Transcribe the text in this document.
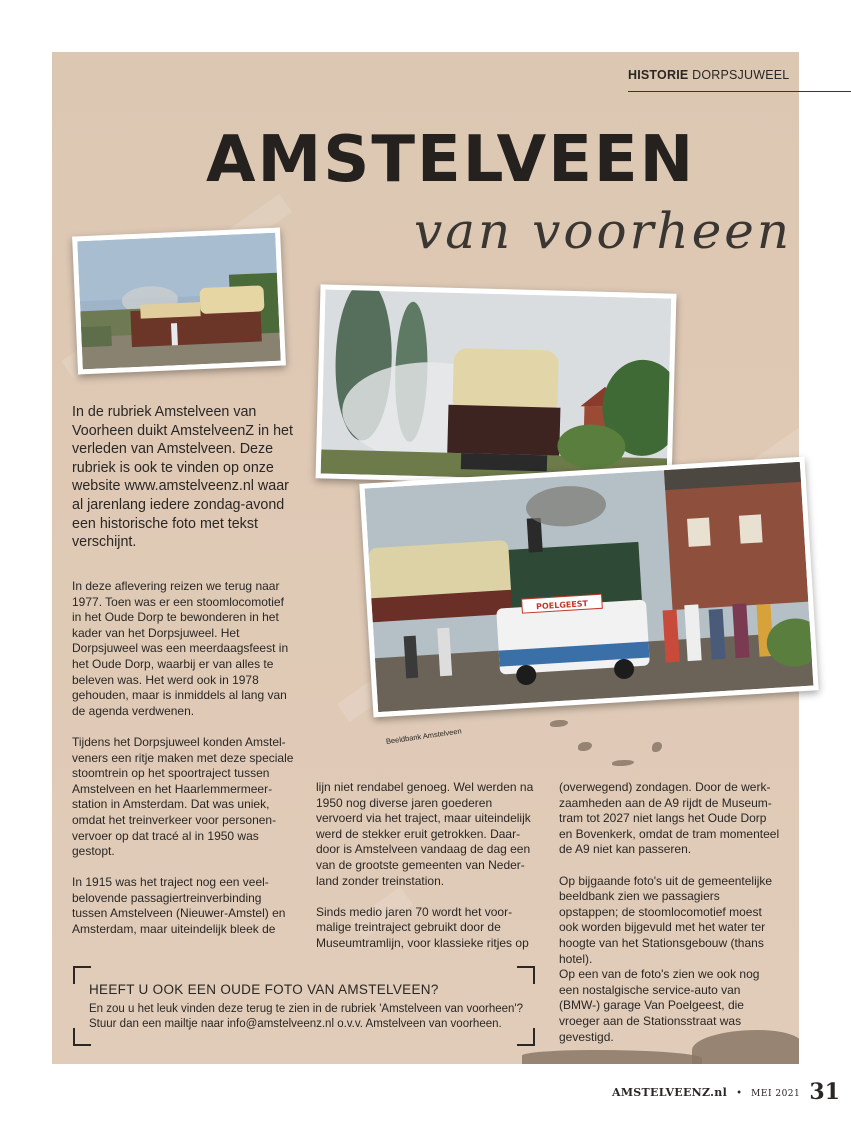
HISTORIE DORPSJUWEEL
AMSTELVEEN
van voorheen
POELGEEST
Beeldbank Amstelveen
In de rubriek Amstelveen van Voorheen duikt AmstelveenZ in het verleden van Amstelveen. Deze rubriek is ook te vinden op onze website www.amstelveenz.nl waar al jarenlang iedere zondag-avond een historische foto met tekst verschijnt.

In deze aflevering reizen we terug naar 1977. Toen was er een stoomlocomotief in het Oude Dorp te bewonderen in het kader van het Dorpsjuweel. Het Dorpsjuweel was een meerdaagsfeest in het Oude Dorp, waarbij er van alles te beleven was. Het werd ook in 1978 gehouden, maar is inmiddels al lang van de agenda verdwenen.

Tijdens het Dorpsjuweel konden Amstel-veners een ritje maken met deze speciale stoomtrein op het spoortraject tussen Amstelveen en het Haarlemmermeer-station in Amsterdam. Dat was uniek, omdat het treinverkeer voor personen-vervoer op dat tracé al in 1950 was gestopt.

In 1915 was het traject nog een veel-belovende passagiertreinverbinding tussen Amstelveen (Nieuwer-Amstel) en Amsterdam, maar uiteindelijk bleek de

lijn niet rendabel genoeg. Wel werden na 1950 nog diverse jaren goederen vervoerd via het traject, maar uiteindelijk werd de stekker eruit getrokken. Daar-door is Amstelveen vandaag de dag een van de grootste gemeenten van Neder-land zonder treinstation.

Sinds medio jaren 70 wordt het voor-malige treintraject gebruikt door de Museumtramlijn, voor klassieke ritjes op

(overwegend) zondagen. Door de werk-zaamheden aan de A9 rijdt de Museum-tram tot 2027 niet langs het Oude Dorp en Bovenkerk, omdat de tram momenteel de A9 niet kan passeren.

Op bijgaande foto's uit de gemeentelijke beeldbank zien we passagiers opstappen; de stoomlocomotief moest ook worden bijgevuld met het water ter hoogte van het Stationsgebouw (thans hotel).

Op een van de foto's zien we ook nog een nostalgische service-auto van (BMW-) garage Van Poelgeest, die vroeger aan de Stationsstraat was gevestigd.

HEEFT U OOK EEN OUDE FOTO VAN AMSTELVEEN?

En zou u het leuk vinden deze terug te zien in de rubriek 'Amstelveen van voorheen'? Stuur dan een mailtje naar info@amstelveenz.nl o.v.v. Amstelveen van voorheen.

AMSTELVEENZ.nl • MEI 2021 31
